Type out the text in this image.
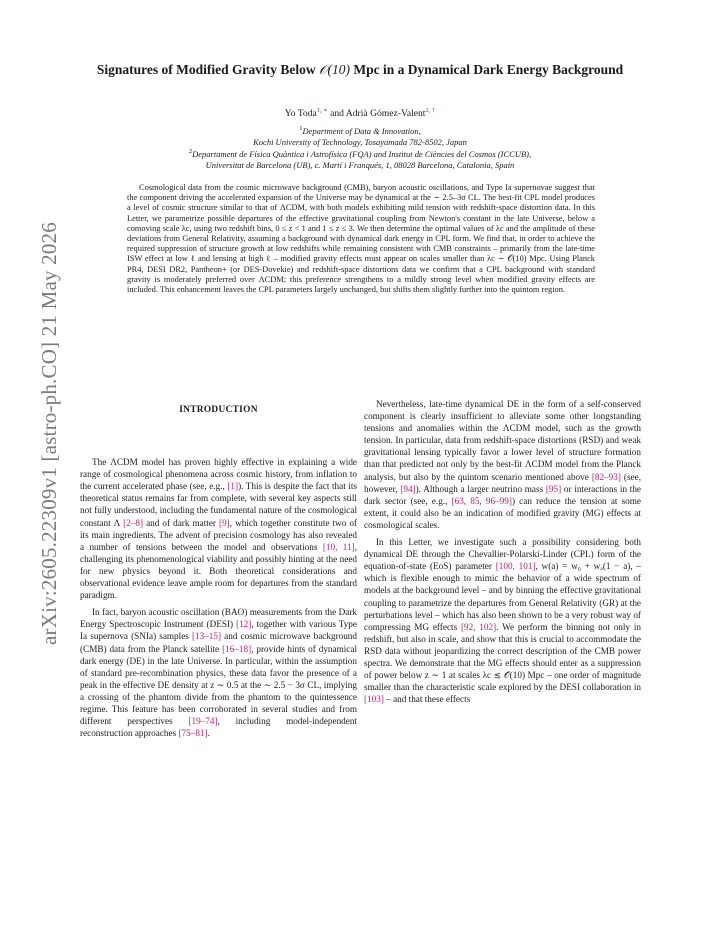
arXiv:2605.22309v1 [astro-ph.CO] 21 May 2026
Signatures of Modified Gravity Below 𝒪(10) Mpc in a Dynamical Dark Energy Background
Yo Toda$^{1, ∗}$ and Adrià Gómez-Valent$^{2, \dagger}$
$^1$Department of Data & Innovation,
Kochi University of Technology, Tosayamada 782-8502, Japan
$^2$Departament de Física Quàntica i Astrofísica (FQA) and Institut de Ciències del Cosmos (ICCUB),
Universitat de Barcelona (UB), c. Martí i Franqués, 1, 08028 Barcelona, Catalonia, Spain
Cosmological data from the cosmic microwave background (CMB), baryon acoustic oscillations, and Type Ia supernovae suggest that the component driving the accelerated expansion of the Universe may be dynamical at the ∼ 2.5–3σ CL. The best-fit CPL model produces a level of cosmic structure similar to that of ΛCDM, with both models exhibiting mild tension with redshift-space distortion data. In this Letter, we parametrize possible departures of the effective gravitational coupling from Newton's constant in the late Universe, below a comoving scale λc, using two redshift bins, 0 ≤ z < 1 and 1 ≤ z ≤ 3. We then determine the optimal values of λc and the amplitude of these deviations from General Relativity, assuming a background with dynamical dark energy in CPL form. We find that, in order to achieve the required suppression of structure growth at low redshifts while remaining consistent with CMB constraints – primarily from the late-time ISW effect at low ℓ and lensing at high ℓ – modified gravity effects must appear on scales smaller than λc ∼ 𝒪(10) Mpc. Using Planck PR4, DESI DR2, Pantheon+ (or DES-Dovekie) and redshift-space distortions data we confirm that a CPL background with standard gravity is moderately preferred over ΛCDM; this preference strengthens to a mildly strong level when modified gravity effects are included. This enhancement leaves the CPL parameters largely unchanged, but shifts them slightly further into the quintom region.
INTRODUCTION

The ΛCDM model has proven highly effective in explaining a wide range of cosmological phenomena across cosmic history, from inflation to the current accelerated phase (see, e.g., [1]). This is despite the fact that its theoretical status remains far from complete, with several key aspects still not fully understood, including the fundamental nature of the cosmological constant Λ [2–8] and of dark matter [9], which together constitute two of its main ingredients. The advent of precision cosmology has also revealed a number of tensions between the model and observations [10, 11], challenging its phenomenological viability and possibly hinting at the need for new physics beyond it. Both theoretical considerations and observational evidence leave ample room for departures from the standard paradigm.

In fact, baryon acoustic oscillation (BAO) measurements from the Dark Energy Spectroscopic Instrument (DESI) [12], together with various Type Ia supernova (SNIa) samples [13–15] and cosmic microwave background (CMB) data from the Planck satellite [16–18], provide hints of dynamical dark energy (DE) in the late Universe. In particular, within the assumption of standard pre-recombination physics, these data favor the presence of a peak in the effective DE density at z ∼ 0.5 at the ∼ 2.5 − 3σ CL, implying a crossing of the phantom divide from the phantom to the quintessence regime. This feature has been corroborated in several studies and from different perspectives [19–74], including model-independent reconstruction approaches [75–81].

Nevertheless, late-time dynamical DE in the form of a self-conserved component is clearly insufficient to alleviate some other longstanding tensions and anomalies within the ΛCDM model, such as the growth tension. In particular, data from redshift-space distortions (RSD) and weak gravitational lensing typically favor a lower level of structure formation than that predicted not only by the best-fit ΛCDM model from the Planck analysis, but also by the quintom scenario mentioned above [82–93] (see, however, [94]). Although a larger neutrino mass [95] or interactions in the dark sector (see, e.g., [63, 85, 96–99]) can reduce the tension at some extent, it could also be an indication of modified gravity (MG) effects at cosmological scales.

In this Letter, we investigate such a possibility considering both dynamical DE through the Chevallier-Polarski-Linder (CPL) form of the equation-of-state (EoS) parameter [100, 101], w(a) = w₀ + wₐ(1 − a), – which is flexible enough to mimic the behavior of a wide spectrum of models at the background level – and by binning the effective gravitational coupling to parametrize the departures from General Relativity (GR) at the perturbations level – which has also been shown to be a very robust way of compressing MG effects [92, 102]. We perform the binning not only in redshift, but also in scale, and show that this is crucial to accommodate the RSD data without jeopardizing the correct description of the CMB power spectra. We demonstrate that the MG effects should enter as a suppression of power below z ∼ 1 at scales λc ≲ 𝒪(10) Mpc – one order of magnitude smaller than the characteristic scale explored by the DESI collaboration in [103] – and that these effects
